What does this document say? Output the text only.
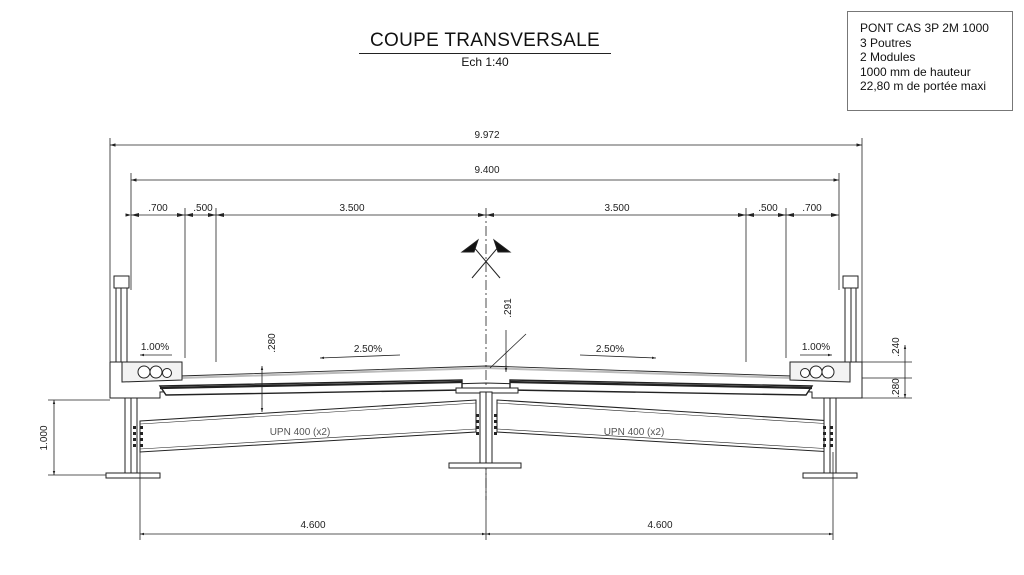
COUPE TRANSVERSALE
Ech 1:40
PONT CAS 3P 2M 1000
3 Poutres
2 Modules
1000 mm de hauteur
22,80 m de portée maxi
9.972
9.400
.700	.500	3.500	3.500	.500 .700
UPN 400 (x2)	UPN 400 (x2)
2.50%	2.50%
1.00%	1.00%
.280
.291
1.000
.240
.280
4.600	4.600
